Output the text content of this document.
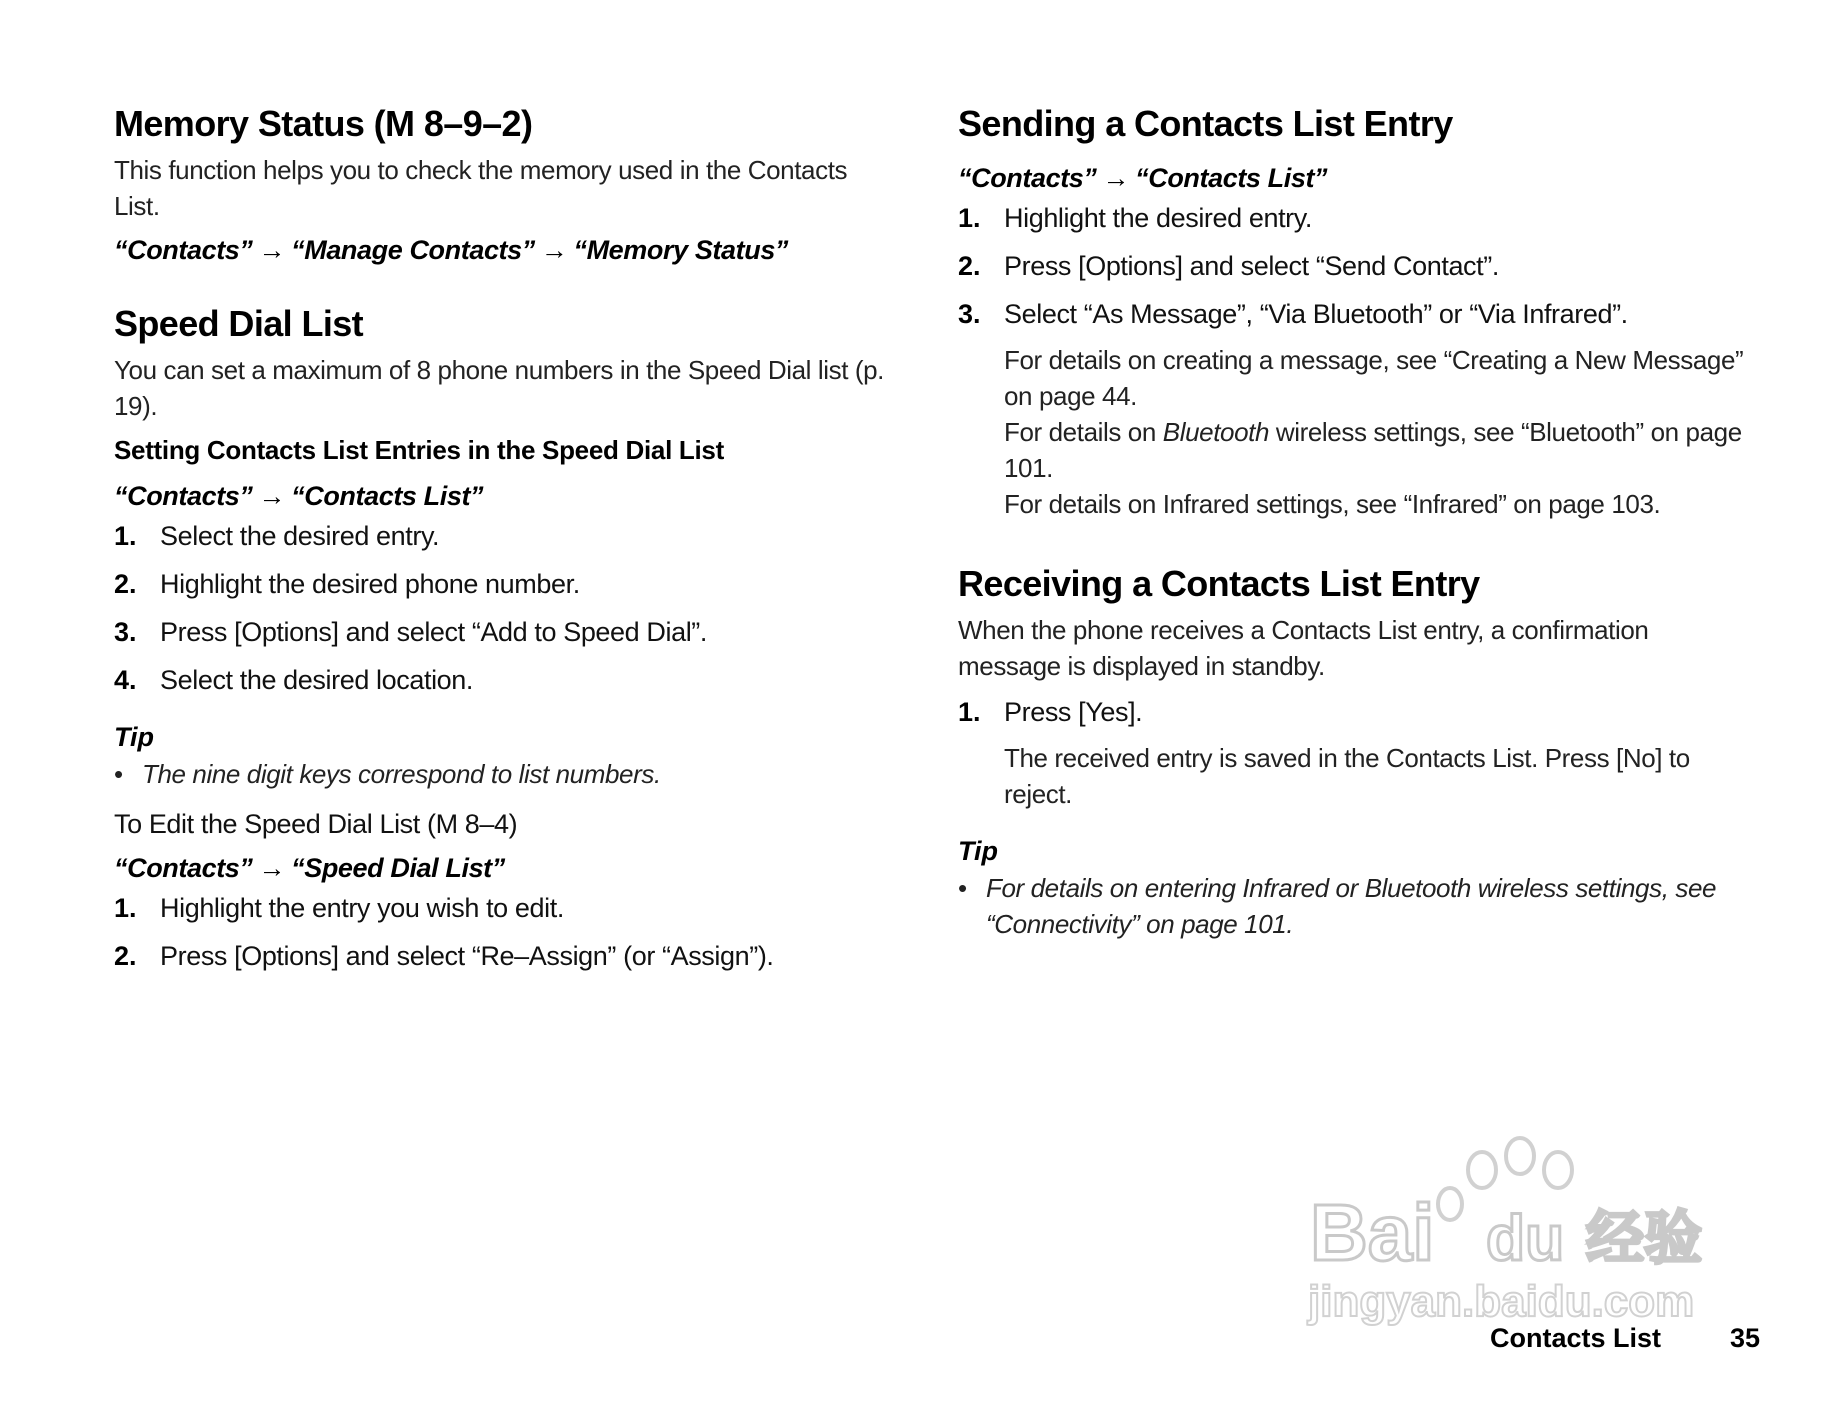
Memory Status (M 8–9–2)

This function helps you to check the memory used in the Contacts List.

“Contacts” → “Manage Contacts” → “Memory Status”
Speed Dial List

You can set a maximum of 8 phone numbers in the Speed Dial list (p. 19).

Setting Contacts List Entries in the Speed Dial List
“Contacts” → “Contacts List”
1. Select the desired entry.
2. Highlight the desired phone number.
3. Press [Options] and select “Add to Speed Dial”.
4. Select the desired location.
Tip
• The nine digit keys correspond to list numbers.

To Edit the Speed Dial List (M 8–4)

“Contacts” → “Speed Dial List”
1. Highlight the entry you wish to edit.
2. Press [Options] and select “Re–Assign” (or “Assign”).
Sending a Contacts List Entry
“Contacts” → “Contacts List”
1. Highlight the desired entry.
2. Press [Options] and select “Send Contact”.
3. Select “As Message”, “Via Bluetooth” or “Via Infrared”.
For details on creating a message, see “Creating a New Message” on page 44.
For details on Bluetooth wireless settings, see “Bluetooth” on page 101.
For details on Infrared settings, see “Infrared” on page 103.
Receiving a Contacts List Entry

When the phone receives a Contacts List entry, a confirmation message is displayed in standby.

1. Press [Yes].
The received entry is saved in the Contacts List. Press [No] to reject.
Tip
• For details on entering Infrared or Bluetooth wireless settings, see “Connectivity” on page 101.
Bai du 经验
jingyan.baidu.com
Contacts List	35
